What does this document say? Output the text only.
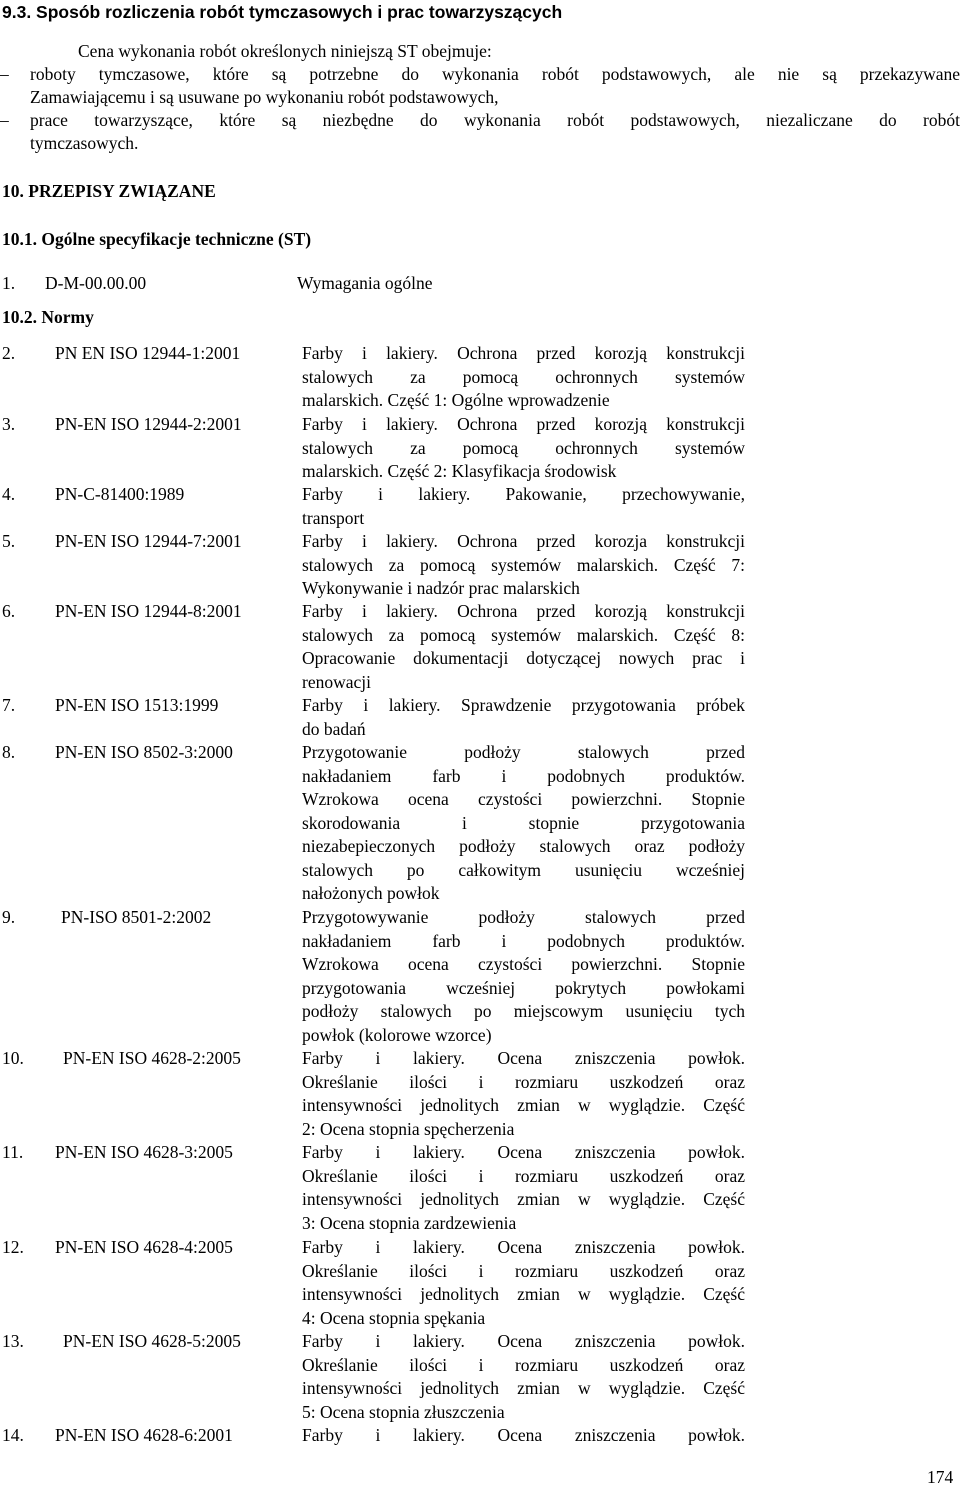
9.3. Sposób rozliczenia robót tymczasowych i prac towarzyszących
Cena wykonania robót określonych niniejszą ST obejmuje:
– roboty tymczasowe, które są potrzebne do wykonania robót podstawowych, ale nie są przekazywane
Zamawiającemu i są usuwane po wykonaniu robót podstawowych,
– prace towarzyszące, które są niezbędne do wykonania robót podstawowych, niezaliczane do robót
tymczasowych.
10. PRZEPISY ZWIĄZANE
10.1. Ogólne specyfikacje techniczne (ST)
1. D-M-00.00.00	Wymagania ogólne
10.2. Normy
2. PN EN ISO 12944-1:2001	Farby i lakiery. Ochrona przed korozją konstrukcji
stalowych za pomocą ochronnych systemów
malarskich. Część 1: Ogólne wprowadzenie
3. PN-EN ISO 12944-2:2001	Farby i lakiery. Ochrona przed korozją konstrukcji
stalowych za pomocą ochronnych systemów
malarskich. Część 2: Klasyfikacja środowisk
4. PN-C-81400:1989	Farby i lakiery. Pakowanie, przechowywanie,
transport
5. PN-EN ISO 12944-7:2001	Farby i lakiery. Ochrona przed korozja konstrukcji
stalowych za pomocą systemów malarskich. Część 7:
Wykonywanie i nadzór prac malarskich
6. PN-EN ISO 12944-8:2001	Farby i lakiery. Ochrona przed korozją konstrukcji
stalowych za pomocą systemów malarskich. Część 8:
Opracowanie dokumentacji dotyczącej nowych prac i
renowacji
7. PN-EN ISO 1513:1999	Farby i lakiery. Sprawdzenie przygotowania próbek
do badań
8. PN-EN ISO 8502-3:2000	Przygotowanie podłoży stalowych przed
nakładaniem farb i podobnych produktów.
Wzrokowa ocena czystości powierzchni. Stopnie
skorodowania i stopnie przygotowania
niezabepieczonych podłoży stalowych oraz podłoży
stalowych po całkowitym usunięciu wcześniej
nałożonych powłok
9.	PN-ISO 8501-2:2002	Przygotowywanie podłoży stalowych przed
nakładaniem farb i podobnych produktów.
Wzrokowa ocena czystości powierzchni. Stopnie
przygotowania wcześniej pokrytych powłokami
podłoży stalowych po miejscowym usunięciu tych
powłok (kolorowe wzorce)
10. PN-EN ISO 4628-2:2005	Farby i lakiery. Ocena zniszczenia powłok.
Określanie ilości i rozmiaru uszkodzeń oraz
intensywności jednolitych zmian w wyglądzie. Część
2: Ocena stopnia spęcherzenia
11. PN-EN ISO 4628-3:2005	Farby i lakiery. Ocena zniszczenia powłok.
Określanie ilości i rozmiaru uszkodzeń oraz
intensywności jednolitych zmian w wyglądzie. Część
3: Ocena stopnia zardzewienia
12. PN-EN ISO 4628-4:2005	Farby i lakiery. Ocena zniszczenia powłok.
Określanie ilości i rozmiaru uszkodzeń oraz
intensywności jednolitych zmian w wyglądzie. Część
4: Ocena stopnia spękania
13. PN-EN ISO 4628-5:2005	Farby i lakiery. Ocena zniszczenia powłok.
Określanie ilości i rozmiaru uszkodzeń oraz
intensywności jednolitych zmian w wyglądzie. Część
5: Ocena stopnia złuszczenia
14. PN-EN ISO 4628-6:2001	Farby i lakiery. Ocena zniszczenia powłok.
174
